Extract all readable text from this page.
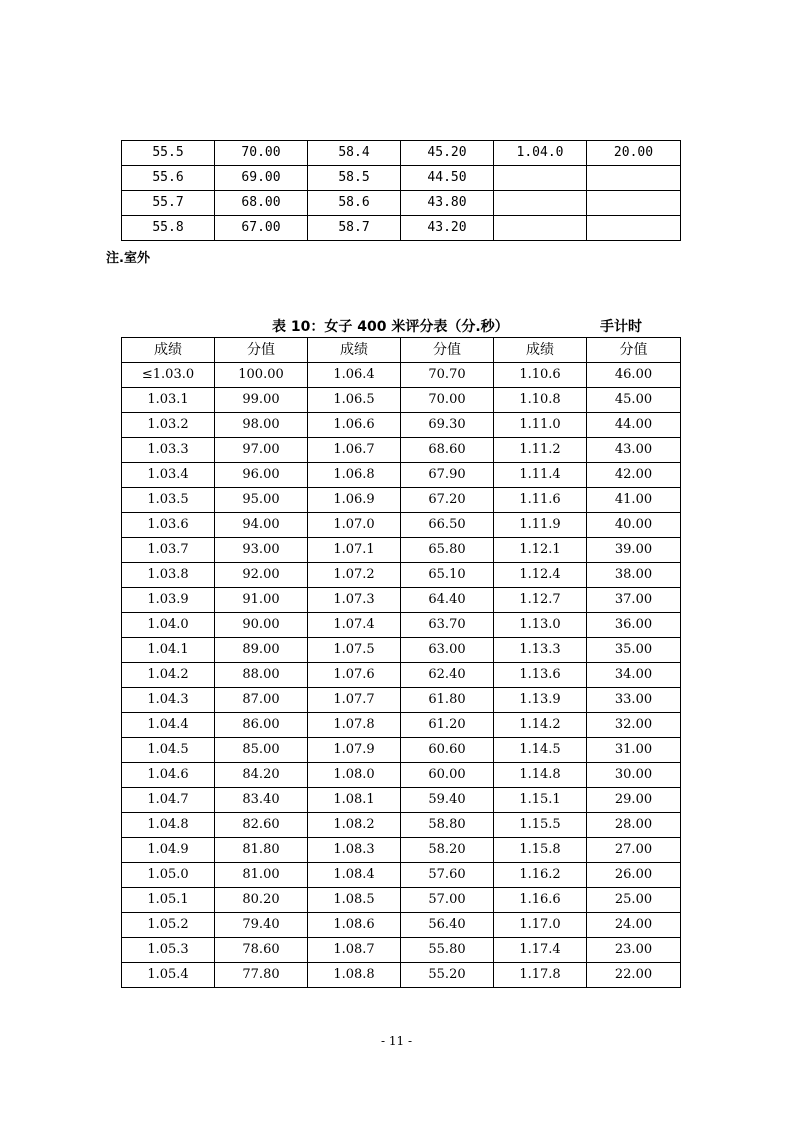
55.5	70.00	58.4	45.20	1.04.0	20.00
55.6	69.00	58.5	44.50		
55.7	68.00	58.6	43.80		
55.8	67.00	58.7	43.20		
注.室外
表 10：女子 400 米评分表（分.秒）	手计时
成绩	分值	成绩	分值	成绩	分值
≤1.03.0	100.00	1.06.4	70.70	1.10.6	46.00
1.03.1	99.00	1.06.5	70.00	1.10.8	45.00
1.03.2	98.00	1.06.6	69.30	1.11.0	44.00
1.03.3	97.00	1.06.7	68.60	1.11.2	43.00
1.03.4	96.00	1.06.8	67.90	1.11.4	42.00
1.03.5	95.00	1.06.9	67.20	1.11.6	41.00
1.03.6	94.00	1.07.0	66.50	1.11.9	40.00
1.03.7	93.00	1.07.1	65.80	1.12.1	39.00
1.03.8	92.00	1.07.2	65.10	1.12.4	38.00
1.03.9	91.00	1.07.3	64.40	1.12.7	37.00
1.04.0	90.00	1.07.4	63.70	1.13.0	36.00
1.04.1	89.00	1.07.5	63.00	1.13.3	35.00
1.04.2	88.00	1.07.6	62.40	1.13.6	34.00
1.04.3	87.00	1.07.7	61.80	1.13.9	33.00
1.04.4	86.00	1.07.8	61.20	1.14.2	32.00
1.04.5	85.00	1.07.9	60.60	1.14.5	31.00
1.04.6	84.20	1.08.0	60.00	1.14.8	30.00
1.04.7	83.40	1.08.1	59.40	1.15.1	29.00
1.04.8	82.60	1.08.2	58.80	1.15.5	28.00
1.04.9	81.80	1.08.3	58.20	1.15.8	27.00
1.05.0	81.00	1.08.4	57.60	1.16.2	26.00
1.05.1	80.20	1.08.5	57.00	1.16.6	25.00
1.05.2	79.40	1.08.6	56.40	1.17.0	24.00
1.05.3	78.60	1.08.7	55.80	1.17.4	23.00
1.05.4	77.80	1.08.8	55.20	1.17.8	22.00
- 11 -
